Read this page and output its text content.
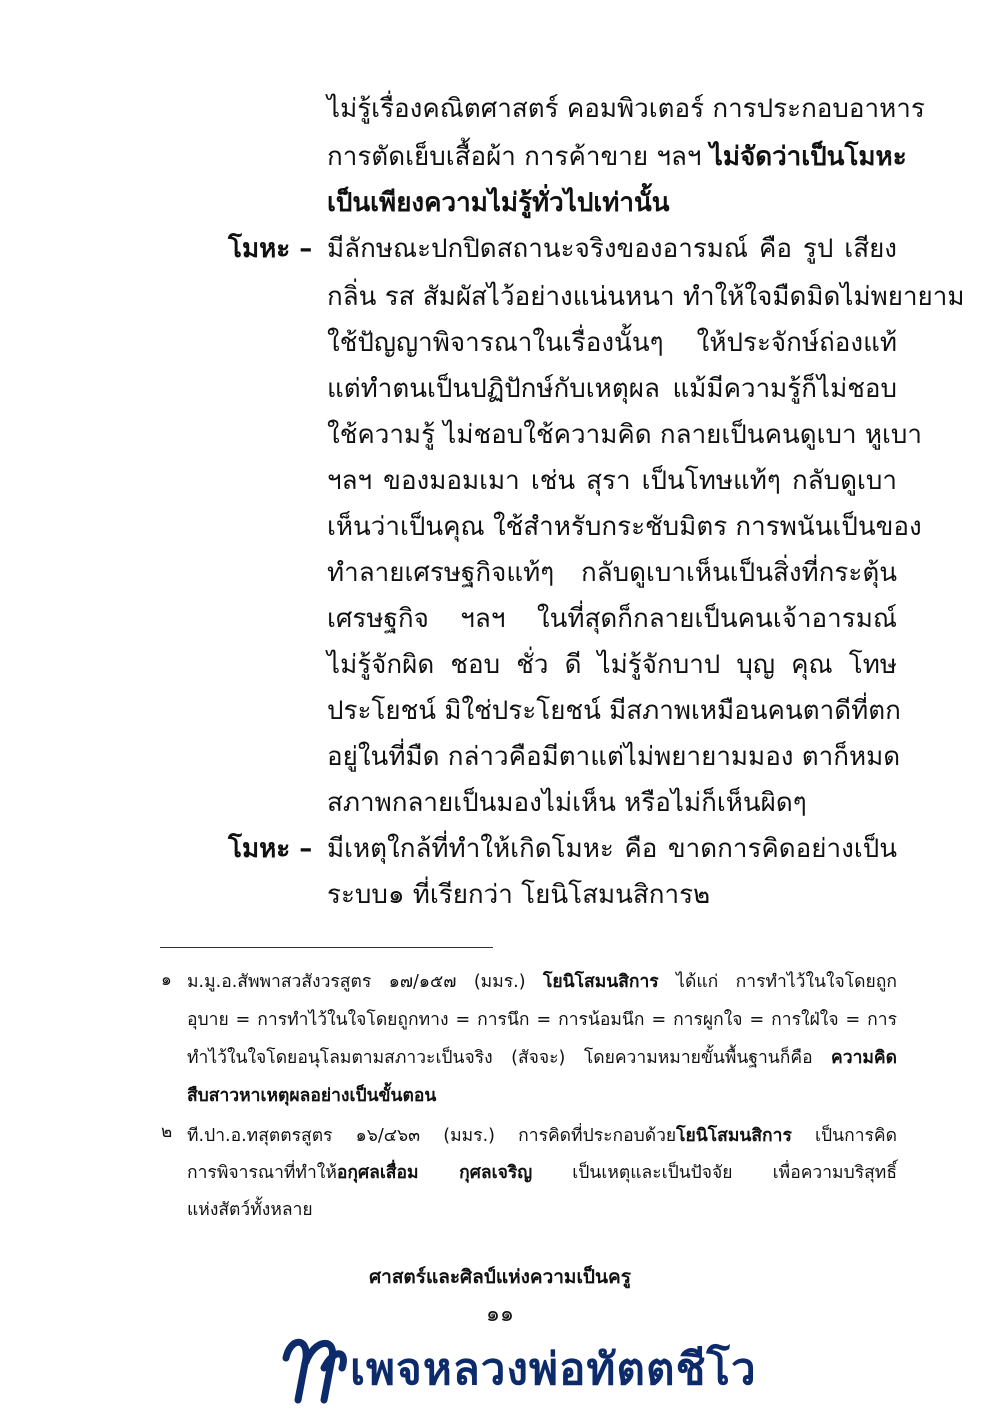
ไม่รู้เรื่องคณิตศาสตร์ คอมพิวเตอร์ การประกอบอาหาร
การตัดเย็บเสื้อผ้า การค้าขาย ฯลฯ ไม่จัดว่าเป็นโมหะ
เป็นเพียงความไม่รู้ทั่วไปเท่านั้น
โมหะ – มีลักษณะปกปิดสถานะจริงของอารมณ์ คือ รูป เสียง
กลิ่น รส สัมผัสไว้อย่างแน่นหนา ทำให้ใจมืดมิดไม่พยายาม
ใช้ปัญญาพิจารณาในเรื่องนั้นๆ ให้ประจักษ์ถ่องแท้
แต่ทำตนเป็นปฏิปักษ์กับเหตุผล แม้มีความรู้ก็ไม่ชอบ
ใช้ความรู้ ไม่ชอบใช้ความคิด กลายเป็นคนดูเบา หูเบา
ฯลฯ ของมอมเมา เช่น สุรา เป็นโทษแท้ๆ กลับดูเบา
เห็นว่าเป็นคุณ ใช้สำหรับกระชับมิตร การพนันเป็นของ
ทำลายเศรษฐกิจแท้ๆ กลับดูเบาเห็นเป็นสิ่งที่กระตุ้น
เศรษฐกิจ ฯลฯ ในที่สุดก็กลายเป็นคนเจ้าอารมณ์
ไม่รู้จักผิด ชอบ ชั่ว ดี ไม่รู้จักบาป บุญ คุณ โทษ
ประโยชน์ มิใช่ประโยชน์ มีสภาพเหมือนคนตาดีที่ตก
อยู่ในที่มืด กล่าวคือมีตาแต่ไม่พยายามมอง ตาก็หมด
สภาพกลายเป็นมองไม่เห็น หรือไม่ก็เห็นผิดๆ
โมหะ – มีเหตุใกล้ที่ทำให้เกิดโมหะ คือ ขาดการคิดอย่างเป็น
ระบบ๑ ที่เรียกว่า โยนิโสมนสิการ๒
๑ ม.มู.อ.สัพพาสวสังวรสูตร ๑๗/๑๕๗ (มมร.) โยนิโสมนสิการ ได้แก่ การทำไว้ในใจโดยถูก
อุบาย = การทำไว้ในใจโดยถูกทาง = การนึก = การน้อมนึก = การผูกใจ = การใฝ่ใจ = การ
ทำไว้ในใจโดยอนุโลมตามสภาวะเป็นจริง (สัจจะ) โดยความหมายขั้นพื้นฐานก็คือ ความคิด
สืบสาวหาเหตุผลอย่างเป็นขั้นตอน
๒ ที.ปา.อ.ทสุตตรสูตร ๑๖/๔๖๓ (มมร.) การคิดที่ประกอบด้วยโยนิโสมนสิการ เป็นการคิด
การพิจารณาที่ทำให้อกุศลเสื่อม กุศลเจริญ เป็นเหตุและเป็นปัจจัย เพื่อความบริสุทธิ์
แห่งสัตว์ทั้งหลาย
ศาสตร์และศิลป์แห่งความเป็นครู
๑๑
เพจหลวงพ่อทัตตชีโว
